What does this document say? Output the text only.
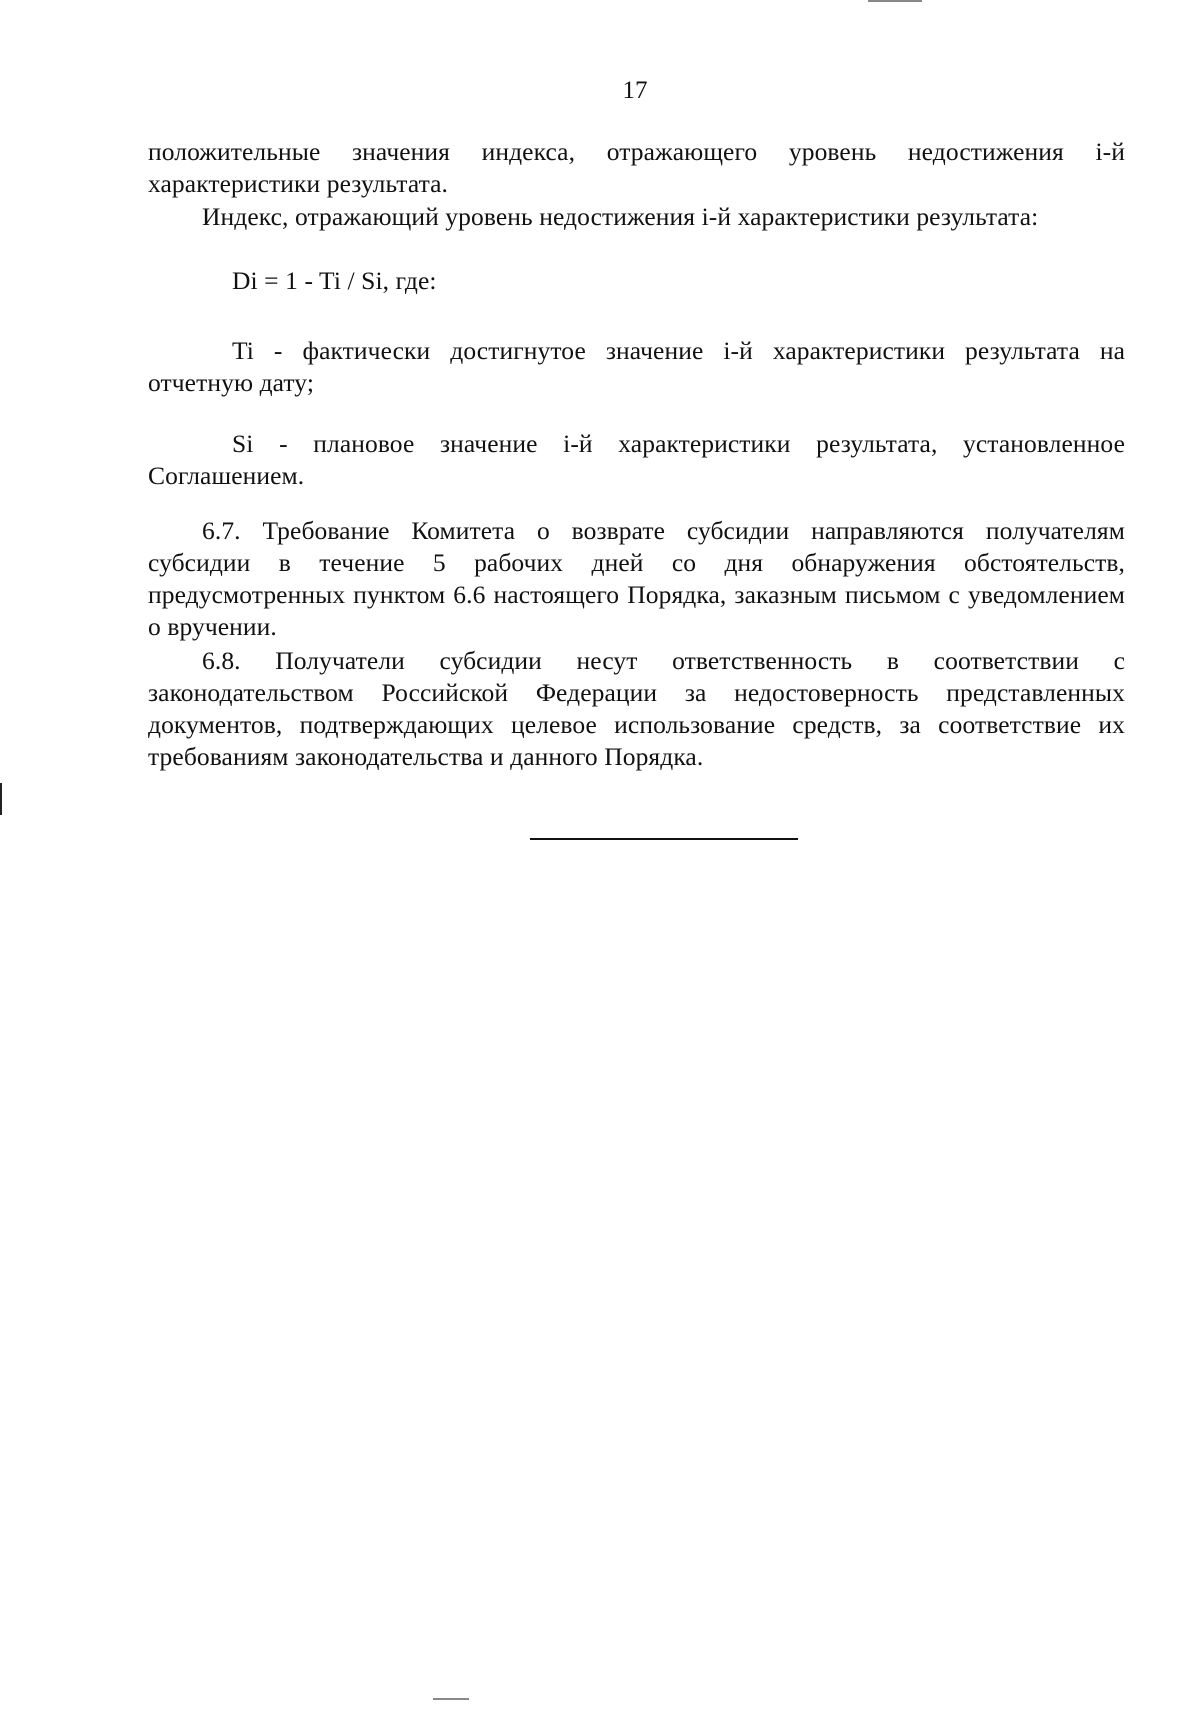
17

положительные значения индекса, отражающего уровень недостижения i-й характеристики результата.

Индекс, отражающий уровень недостижения i-й характеристики результата:

Di = 1 - Ti / Si, где:

Ti - фактически достигнутое значение i-й характеристики результата на отчетную дату;

Si - плановое значение i-й характеристики результата, установленное Соглашением.

6.7. Требование Комитета о возврате субсидии направляются получателям субсидии в течение 5 рабочих дней со дня обнаружения обстоятельств, предусмотренных пунктом 6.6 настоящего Порядка, заказным письмом с уведомлением о вручении.

6.8. Получатели субсидии несут ответственность в соответствии с законодательством Российской Федерации за недостоверность представленных документов, подтверждающих целевое использование средств, за соответствие их требованиям законодательства и данного Порядка.
